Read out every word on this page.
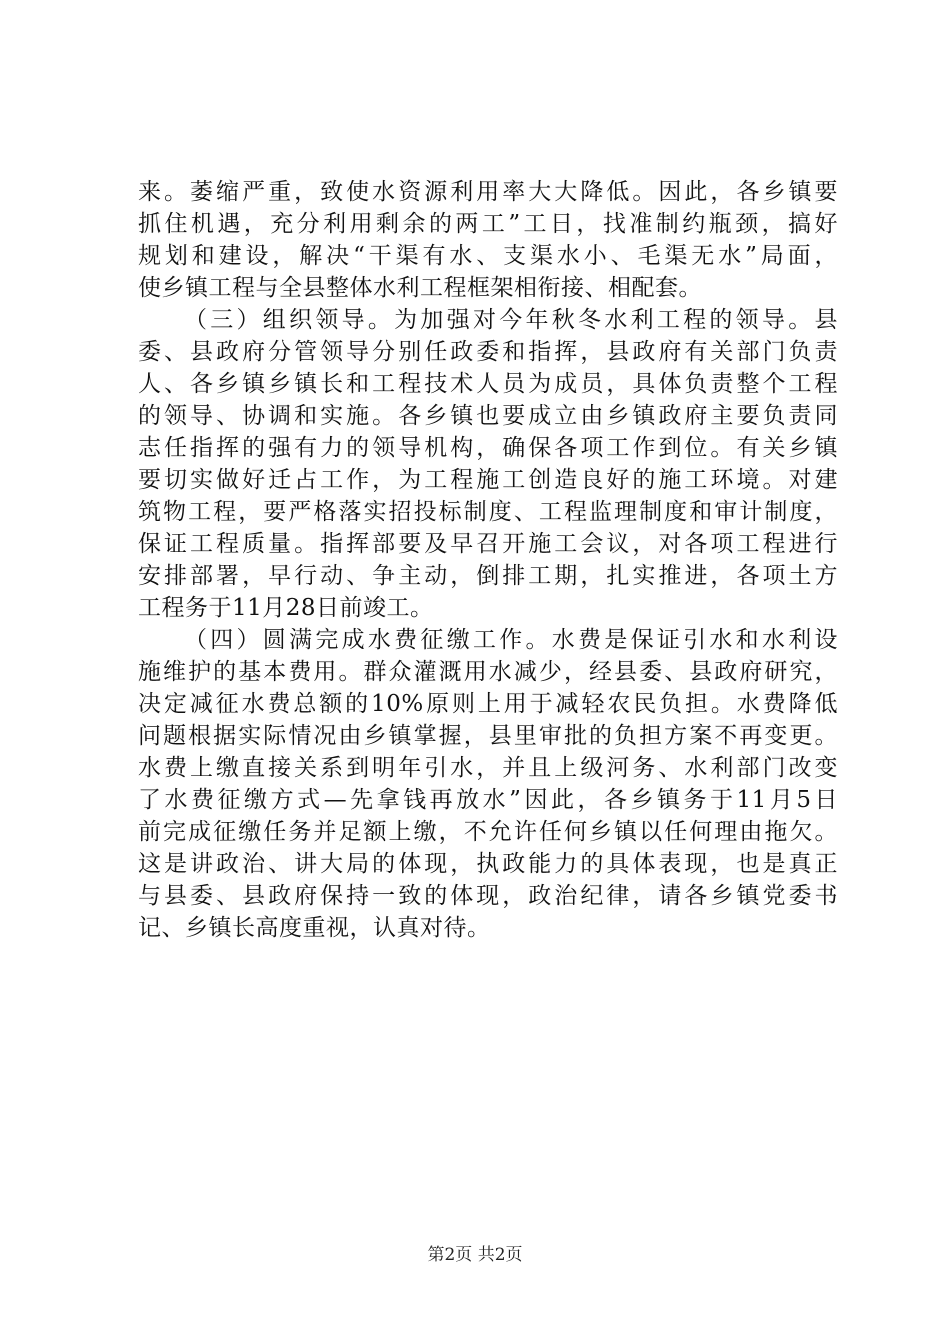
来。萎缩严重，致使水资源利用率大大降低。因此，各乡镇要
抓住机遇，充分利用剩余的两工”工日，找准制约瓶颈，搞好
规划和建设，解决“干渠有水、支渠水小、毛渠无水”局面，
使乡镇工程与全县整体水利工程框架相衔接、相配套。
（三）组织领导。为加强对今年秋冬水利工程的领导。县
委、县政府分管领导分别任政委和指挥，县政府有关部门负责
人、各乡镇乡镇长和工程技术人员为成员，具体负责整个工程
的领导、协调和实施。各乡镇也要成立由乡镇政府主要负责同
志任指挥的强有力的领导机构，确保各项工作到位。有关乡镇
要切实做好迁占工作，为工程施工创造良好的施工环境。对建
筑物工程，要严格落实招投标制度、工程监理制度和审计制度，
保证工程质量。指挥部要及早召开施工会议，对各项工程进行
安排部署，早行动、争主动，倒排工期，扎实推进，各项土方
工程务于11月28日前竣工。
（四）圆满完成水费征缴工作。水费是保证引水和水利设
施维护的基本费用。群众灌溉用水减少，经县委、县政府研究，
决定减征水费总额的10%原则上用于减轻农民负担。水费降低
问题根据实际情况由乡镇掌握，县里审批的负担方案不再变更。
水费上缴直接关系到明年引水，并且上级河务、水利部门改变
了水费征缴方式—先拿钱再放水”因此，各乡镇务于11月5日
前完成征缴任务并足额上缴，不允许任何乡镇以任何理由拖欠。
这是讲政治、讲大局的体现，执政能力的具体表现，也是真正
与县委、县政府保持一致的体现，政治纪律，请各乡镇党委书
记、乡镇长高度重视，认真对待。
第2页 共2页
